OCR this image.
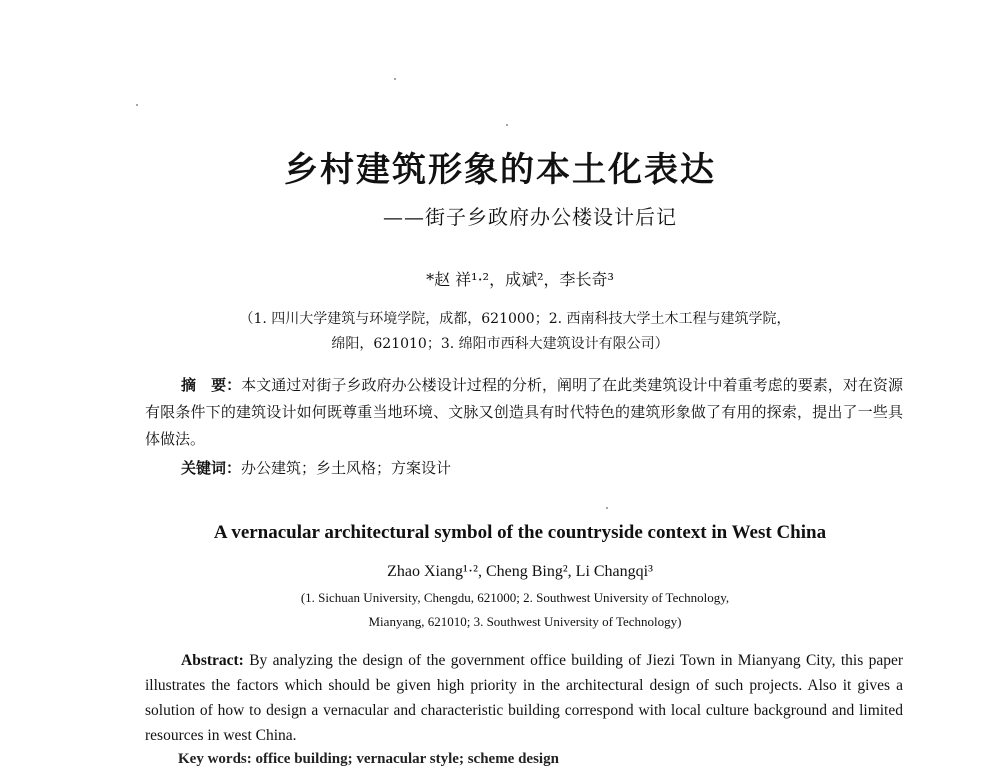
乡村建筑形象的本土化表达
——街子乡政府办公楼设计后记
*赵 祥¹·²，成斌²，李长奇³
（1. 四川大学建筑与环境学院，成都，621000；2. 西南科技大学土木工程与建筑学院，
绵阳，621010；3. 绵阳市西科大建筑设计有限公司）
摘　要：本文通过对街子乡政府办公楼设计过程的分析，阐明了在此类建筑设计中着重考虑的要素，对在资源有限条件下的建筑设计如何既尊重当地环境、文脉又创造具有时代特色的建筑形象做了有用的探索，提出了一些具体做法。
关键词：办公建筑；乡土风格；方案设计
A vernacular architectural symbol of the countryside context in West China
Zhao Xiang¹·², Cheng Bing², Li Changqi³
(1. Sichuan University, Chengdu, 621000; 2. Southwest University of Technology,
Mianyang, 621010; 3. Southwest University of Technology)
Abstract: By analyzing the design of the government office building of Jiezi Town in Mianyang City, this paper illustrates the factors which should be given high priority in the architectural design of such projects. Also it gives a solution of how to design a vernacular and characteristic building correspond with local culture background and limited resources in west China.
Key words: office building; vernacular style; scheme design
